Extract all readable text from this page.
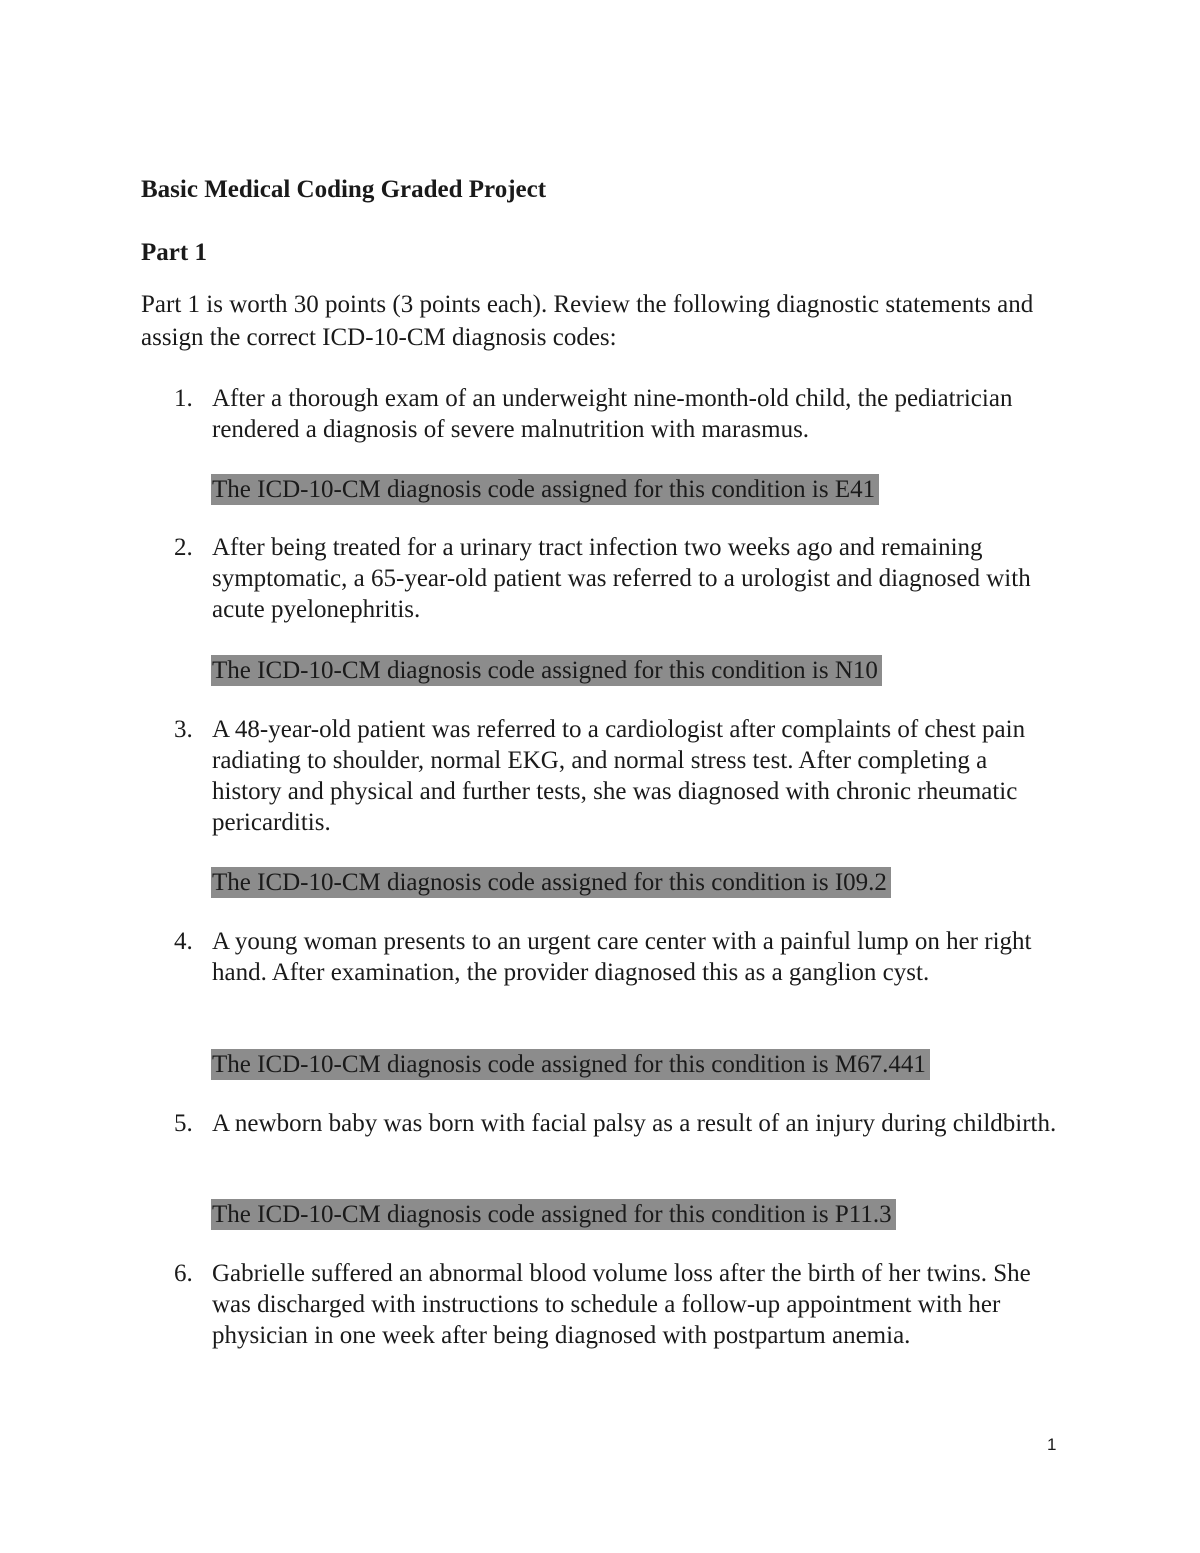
Basic Medical Coding Graded Project
Part 1

Part 1 is worth 30 points (3 points each). Review the following diagnostic statements and assign the correct ICD-10-CM diagnosis codes:

1. After a thorough exam of an underweight nine-month-old child, the pediatrician rendered a diagnosis of severe malnutrition with marasmus.
The ICD-10-CM diagnosis code assigned for this condition is E41
2. After being treated for a urinary tract infection two weeks ago and remaining symptomatic, a 65-year-old patient was referred to a urologist and diagnosed with acute pyelonephritis.
The ICD-10-CM diagnosis code assigned for this condition is N10
3. A 48-year-old patient was referred to a cardiologist after complaints of chest pain radiating to shoulder, normal EKG, and normal stress test. After completing a history and physical and further tests, she was diagnosed with chronic rheumatic pericarditis.
The ICD-10-CM diagnosis code assigned for this condition is I09.2
4. A young woman presents to an urgent care center with a painful lump on her right hand. After examination, the provider diagnosed this as a ganglion cyst.
The ICD-10-CM diagnosis code assigned for this condition is M67.441
5. A newborn baby was born with facial palsy as a result of an injury during childbirth.
The ICD-10-CM diagnosis code assigned for this condition is P11.3
6. Gabrielle suffered an abnormal blood volume loss after the birth of her twins. She was discharged with instructions to schedule a follow-up appointment with her physician in one week after being diagnosed with postpartum anemia.
1
